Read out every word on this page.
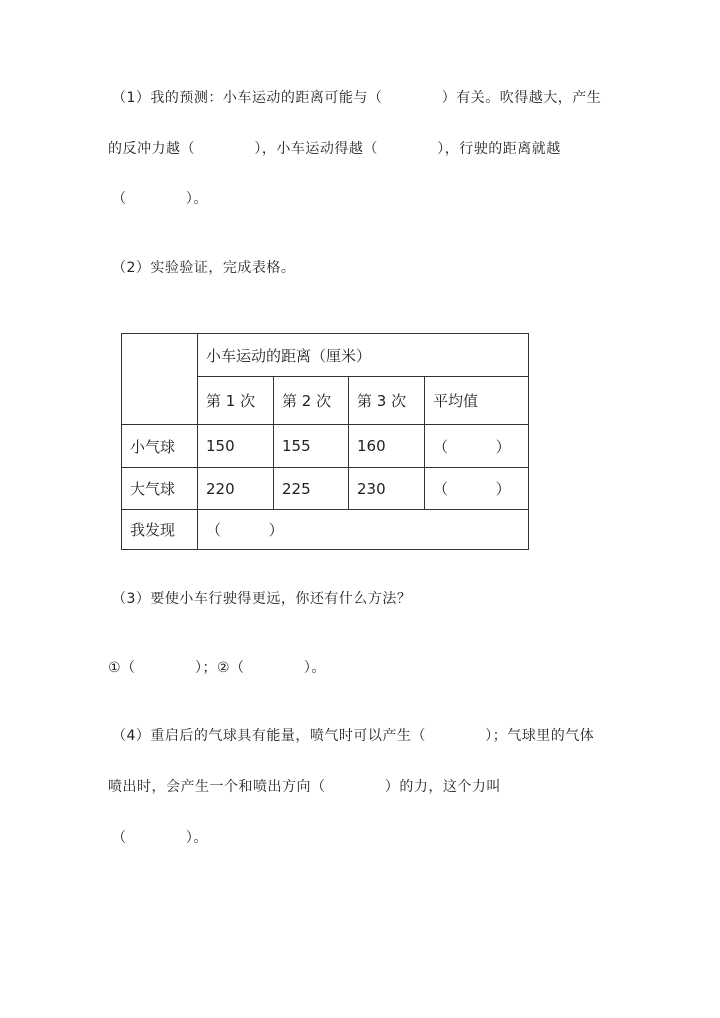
（1）我的预测：小车运动的距离可能与（            ）有关。吹得越大，产生
的反冲力越（            ），小车运动得越（            ），行驶的距离就越
（            ）。
（2）实验验证，完成表格。
	小车运动的距离（厘米）			
	第 1 次	第 2 次	第 3 次	平均值
小气球	150	155	160	（          ）
大气球	220	225	230	（          ）
我发现	（          ）			
（3）要使小车行驶得更远，你还有什么方法？
①（            ）；②（            ）。
（4）重启后的气球具有能量，喷气时可以产生（            ）；气球里的气体
喷出时，会产生一个和喷出方向（            ）的力，这个力叫
（            ）。
